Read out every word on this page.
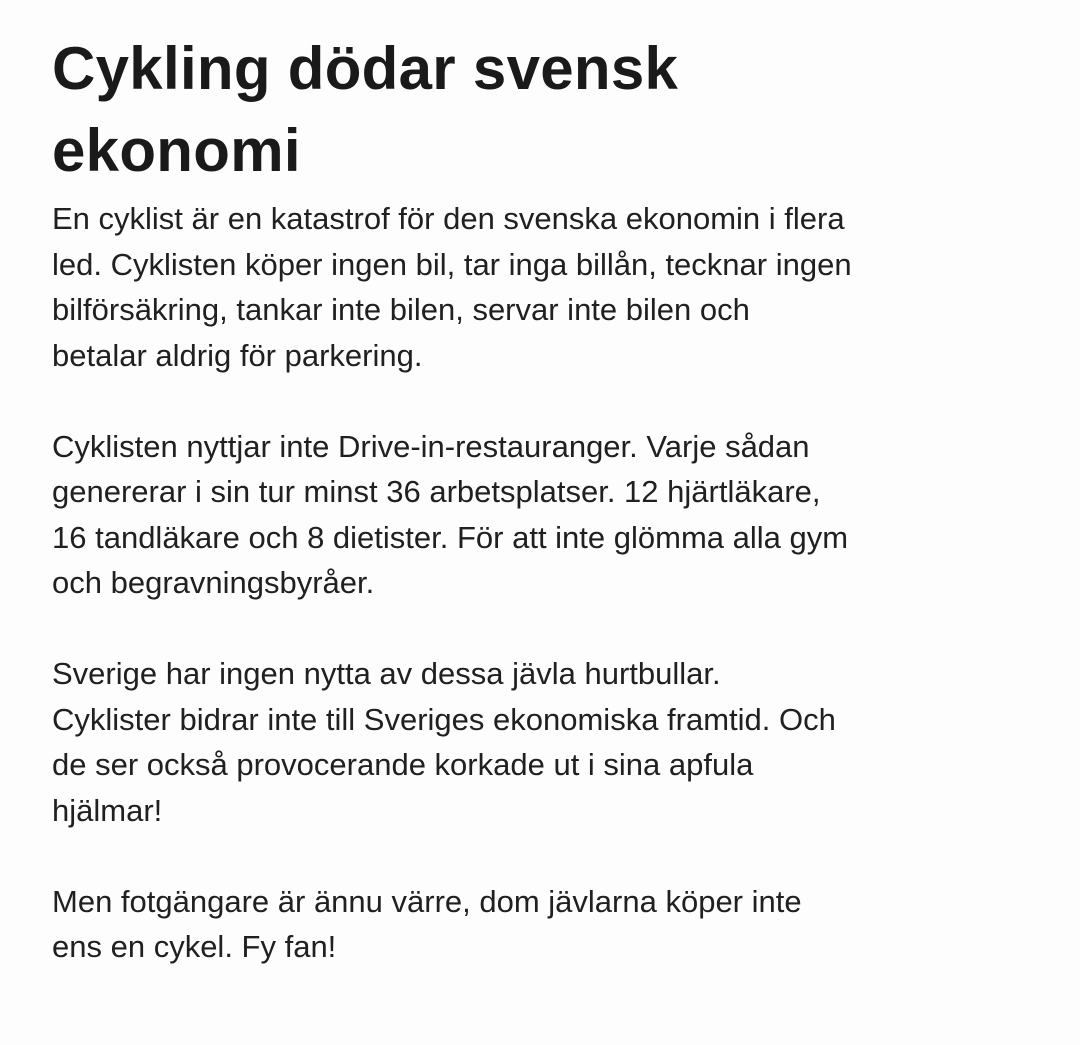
Cykling dödar svensk
ekonomi

En cyklist är en katastrof för den svenska ekonomin i flera
led. Cyklisten köper ingen bil, tar inga billån, tecknar ingen
bilförsäkring, tankar inte bilen, servar inte bilen och
betalar aldrig för parkering.

Cyklisten nyttjar inte Drive-in-restauranger. Varje sådan
genererar i sin tur minst 36 arbetsplatser. 12 hjärtläkare,
16 tandläkare och 8 dietister. För att inte glömma alla gym
och begravningsbyråer.

Sverige har ingen nytta av dessa jävla hurtbullar.
Cyklister bidrar inte till Sveriges ekonomiska framtid. Och
de ser också provocerande korkade ut i sina apfula
hjälmar!

Men fotgängare är ännu värre, dom jävlarna köper inte
ens en cykel. Fy fan!
